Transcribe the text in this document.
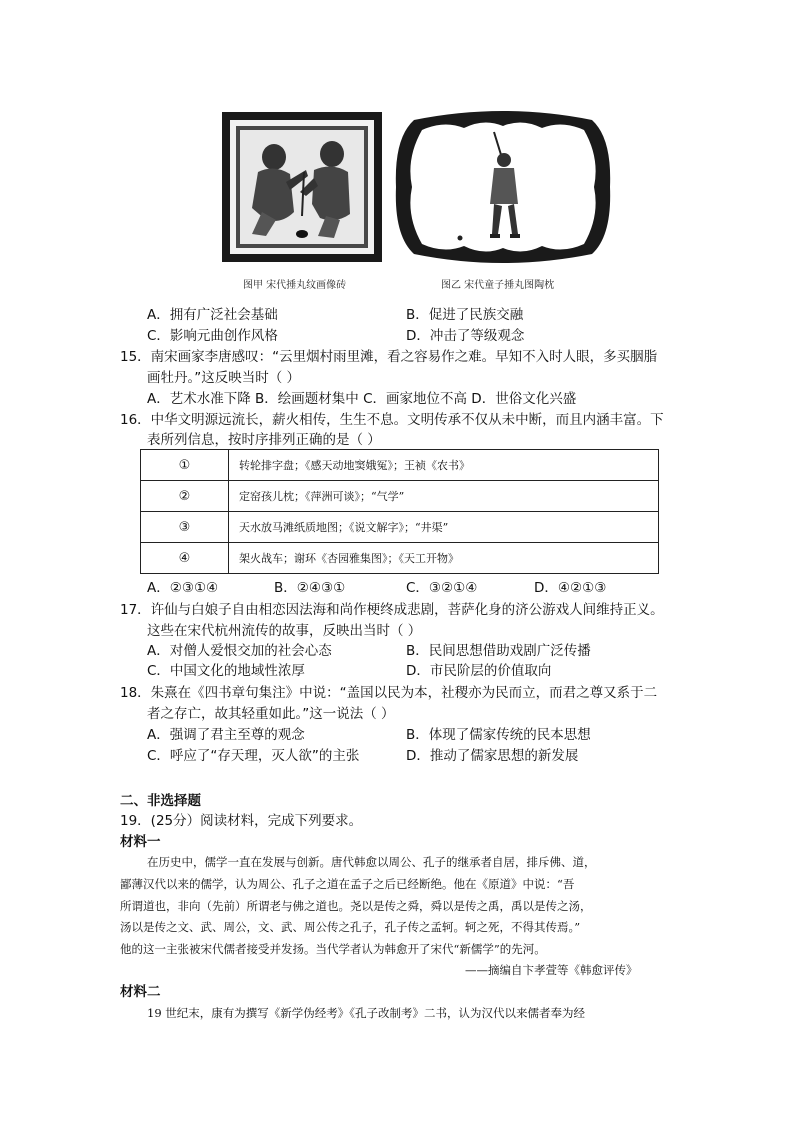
图甲 宋代捶丸纹画像砖	图乙 宋代童子捶丸图陶枕
A．拥有广泛社会基础	B．促进了民族交融
C．影响元曲创作风格	D．冲击了等级观念
15．南宋画家李唐感叹：“云里烟村雨里滩，看之容易作之难。早知不入时人眼，多买胭脂
画牡丹。”这反映当时（ ）
A．艺术水准下降 B．绘画题材集中 C．画家地位不高 D．世俗文化兴盛
16．中华文明源远流长，薪火相传，生生不息。文明传承不仅从未中断，而且内涵丰富。下
表所列信息，按时序排列正确的是（ ）
①	转轮排字盘；《感天动地窦娥冤》；王祯《农书》
②	定窑孩儿枕；《萍洲可谈》；“气学”
③	天水放马滩纸质地图；《说文解字》；“井渠”
④	架火战车；谢环《杏园雅集图》；《天工开物》
A．②③①④	B．②④③①	C．③②①④	D．④②①③
17．许仙与白娘子自由相恋因法海和尚作梗终成悲剧，菩萨化身的济公游戏人间维持正义。
这些在宋代杭州流传的故事，反映出当时（ ）
A．对僧人爱恨交加的社会心态	B．民间思想借助戏剧广泛传播
C．中国文化的地域性浓厚	D．市民阶层的价值取向
18．朱熹在《四书章句集注》中说：“盖国以民为本，社稷亦为民而立，而君之尊又系于二
者之存亡，故其轻重如此。”这一说法（ ）
A．强调了君主至尊的观念	B．体现了儒家传统的民本思想
C．呼应了“存天理，灭人欲”的主张	D．推动了儒家思想的新发展
二、非选择题
19．(25分）阅读材料，完成下列要求。
材料一
在历史中，儒学一直在发展与创新。唐代韩愈以周公、孔子的继承者自居，排斥佛、道，
鄙薄汉代以来的儒学，认为周公、孔子之道在孟子之后已经断绝。他在《原道》中说：“吾
所谓道也，非向（先前）所谓老与佛之道也。尧以是传之舜，舜以是传之禹，禹以是传之汤，
汤以是传之文、武、周公，文、武、周公传之孔子，孔子传之孟轲。轲之死，不得其传焉。”
他的这一主张被宋代儒者接受并发扬。当代学者认为韩愈开了宋代“新儒学”的先河。
——摘编自卞孝萱等《韩愈评传》
材料二
19 世纪末，康有为撰写《新学伪经考》《孔子改制考》二书，认为汉代以来儒者奉为经
